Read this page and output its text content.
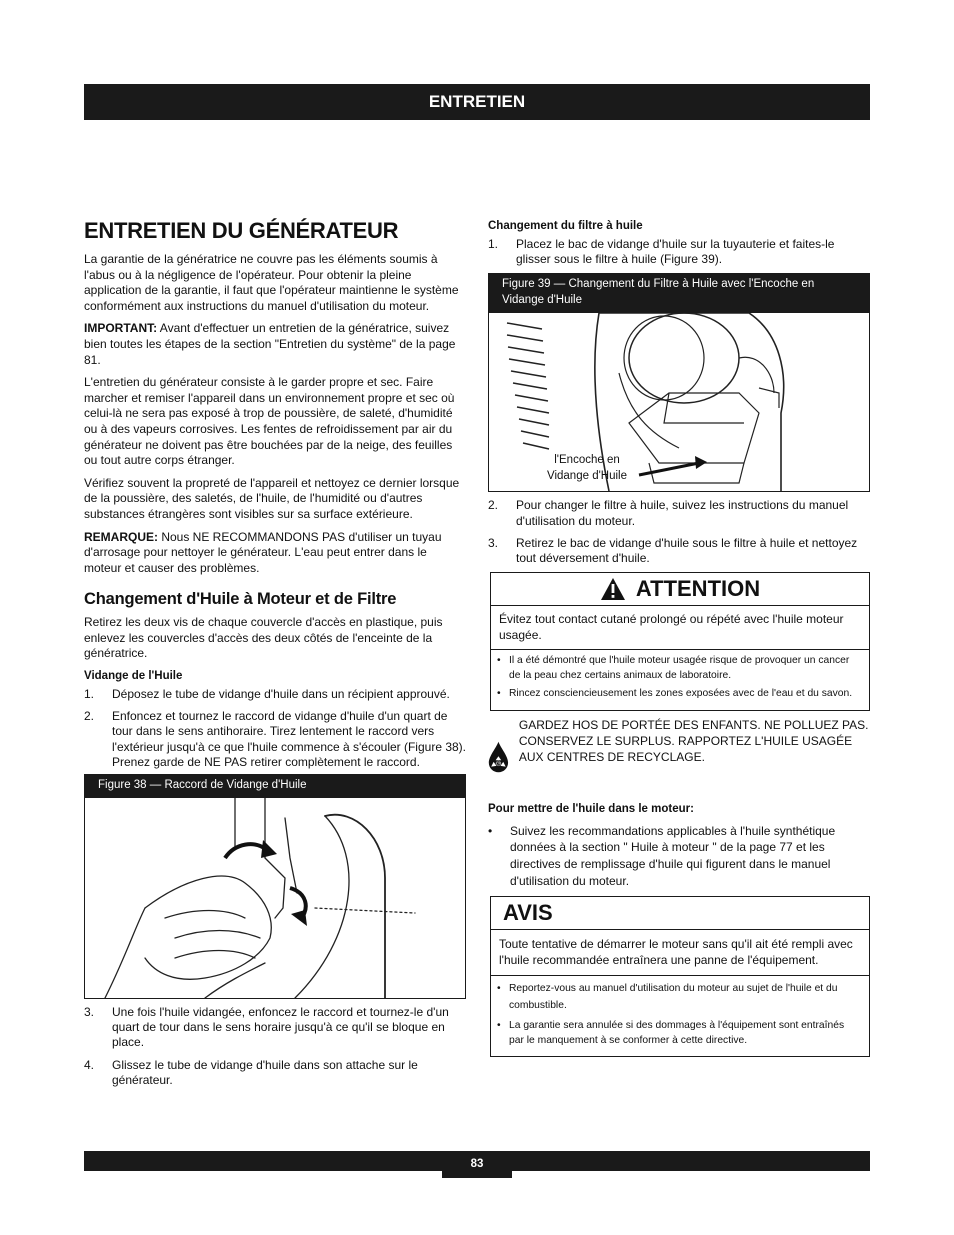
ENTRETIEN
ENTRETIEN DU GÉNÉRATEUR

La garantie de la génératrice ne couvre pas les éléments soumis à l'abus ou à la négligence de l'opérateur. Pour obtenir la pleine application de la garantie, il faut que l'opérateur maintienne le système conformément aux instructions du manuel d'utilisation du moteur.

IMPORTANT: Avant d'effectuer un entretien de la génératrice, suivez bien toutes les étapes de la section "Entretien du système" de la page 81.

L'entretien du générateur consiste à le garder propre et sec. Faire marcher et remiser l'appareil dans un environnement propre et sec où celui-là ne sera pas exposé à trop de poussière, de saleté, d'humidité ou à des vapeurs corrosives. Les fentes de refroidissement par air du générateur ne doivent pas être bouchées par de la neige, des feuilles ou tout autre corps étranger.

Vérifiez souvent la propreté de l'appareil et nettoyez ce dernier lorsque de la poussière, des saletés, de l'huile, de l'humidité ou d'autres substances étrangères sont visibles sur sa surface extérieure.

REMARQUE: Nous NE RECOMMANDONS PAS d'utiliser un tuyau d'arrosage pour nettoyer le générateur. L'eau peut entrer dans le moteur et causer des problèmes.

Changement d'Huile à Moteur et de Filtre

Retirez les deux vis de chaque couvercle d'accès en plastique, puis enlevez les couvercles d'accès des deux côtés de l'enceinte de la génératrice.

Vidange de l'Huile
1.	Déposez le tube de vidange d'huile dans un récipient approuvé.
2.	Enfoncez et tournez le raccord de vidange d'huile d'un quart de tour dans le sens antihoraire. Tirez lentement le raccord vers l'extérieur jusqu'à ce que l'huile commence à s'écouler (Figure 38). Prenez garde de NE PAS retirer complètement le raccord.
Figure 38 — Raccord de Vidange d'Huile
3.	Une fois l'huile vidangée, enfoncez le raccord et tournez-le d'un quart de tour dans le sens horaire jusqu'à ce qu'il se bloque en place.
4.	Glissez le tube de vidange d'huile dans son attache sur le générateur.
Changement du filtre à huile
1.	Placez le bac de vidange d'huile sur la tuyauterie et faites-le glisser sous le filtre à huile (Figure 39).
Figure 39 — Changement du Filtre à Huile avec l'Encoche en Vidange d'Huile
l'Encoche en
Vidange d'Huile
2.	Pour changer le filtre à huile, suivez les instructions du manuel d'utilisation du moteur.
3.	Retirez le bac de vidange d'huile sous le filtre à huile et nettoyez tout déversement d'huile.
ATTENTION
Évitez tout contact cutané prolongé ou répété avec l'huile moteur usagée.
• Il a été démontré que l'huile moteur usagée risque de provoquer un cancer de la peau chez certains animaux de laboratoire.
• Rincez consciencieusement les zones exposées avec de l'eau et du savon.
Oil
GARDEZ HOS DE PORTÉE DES ENFANTS. NE POLLUEZ PAS. CONSERVEZ LE SURPLUS. RAPPORTEZ L'HUILE USAGÉE AUX CENTRES DE RECYCLAGE.
Pour mettre de l'huile dans le moteur:
•	Suivez les recommandations applicables à l'huile synthétique données à la section " Huile à moteur " de la page 77 et les directives de remplissage d'huile qui figurent dans le manuel d'utilisation du moteur.
AVIS
Toute tentative de démarrer le moteur sans qu'il ait été rempli avec l'huile recommandée entraînera une panne de l'équipement.
• Reportez-vous au manuel d'utilisation du moteur au sujet de l'huile et du combustible.
• La garantie sera annulée si des dommages à l'équipement sont entraînés par le manquement à se conformer à cette directive.
83
